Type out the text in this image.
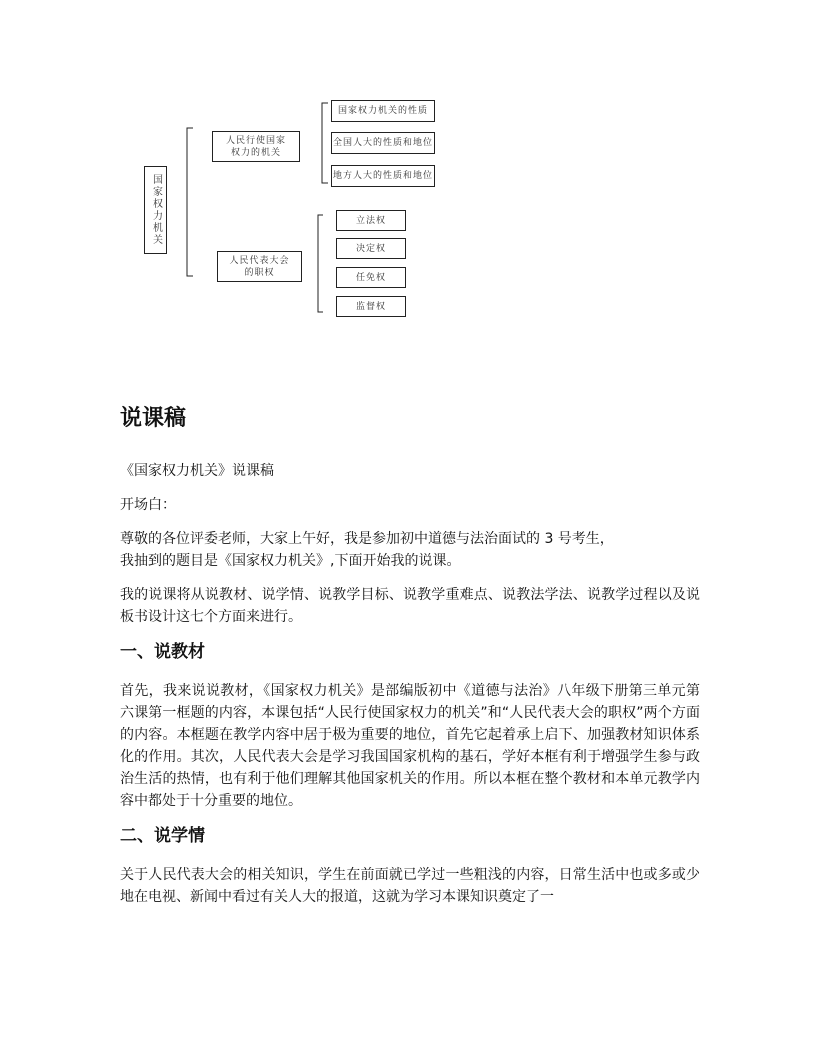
国家权力机关
人民行使国家
权力的机关
人民代表大会
的职权
国家权力机关的性质
全国人大的性质和地位
地方人大的性质和地位
立法权
决定权
任免权
监督权
说课稿

《国家权力机关》说课稿

开场白：

尊敬的各位评委老师，大家上午好，我是参加初中道德与法治面试的 3 号考生，
我抽到的题目是《国家权力机关》,下面开始我的说课。

我的说课将从说教材、说学情、说教学目标、说教学重难点、说教法学法、说教学过程以及说板书设计这七个方面来进行。

一、说教材

首先，我来说说教材，《国家权力机关》是部编版初中《道德与法治》八年级下册第三单元第六课第一框题的内容，本课包括“人民行使国家权力的机关”和“人民代表大会的职权”两个方面的内容。本框题在教学内容中居于极为重要的地位，首先它起着承上启下、加强教材知识体系化的作用。其次，人民代表大会是学习我国国家机构的基石，学好本框有利于增强学生参与政治生活的热情，也有利于他们理解其他国家机关的作用。所以本框在整个教材和本单元教学内容中都处于十分重要的地位。

二、说学情

关于人民代表大会的相关知识，学生在前面就已学过一些粗浅的内容，日常生活中也或多或少地在电视、新闻中看过有关人大的报道，这就为学习本课知识奠定了一
